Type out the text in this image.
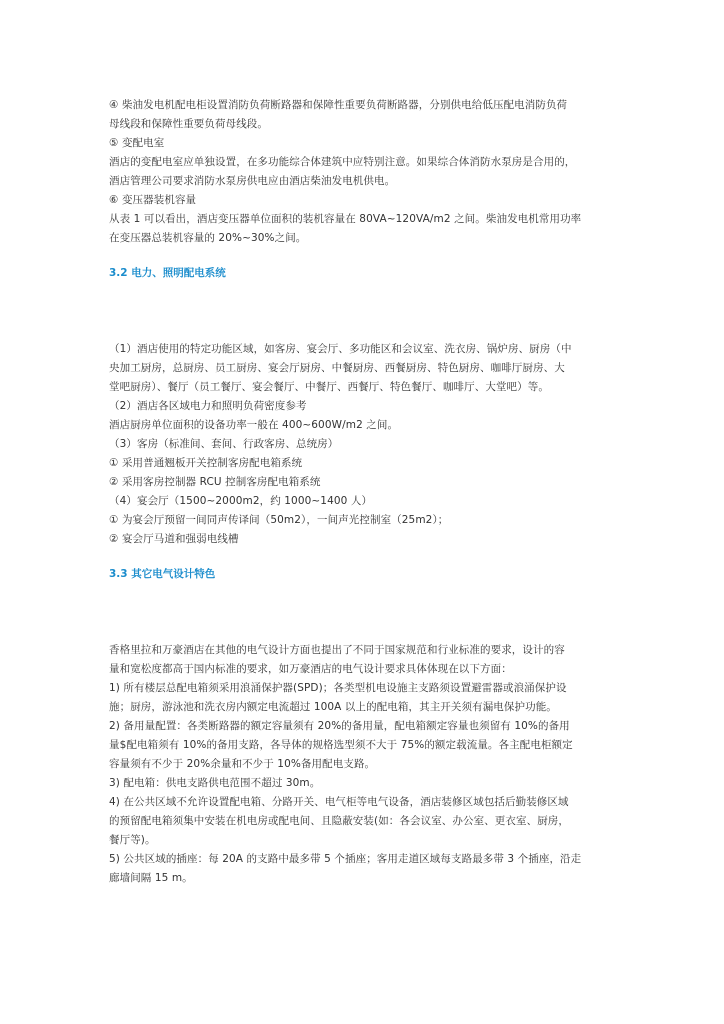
④ 柴油发电机配电柜设置消防负荷断路器和保障性重要负荷断路器，分别供电给低压配电消防负荷
母线段和保障性重要负荷母线段。
⑤ 变配电室
酒店的变配电室应单独设置，在多功能综合体建筑中应特别注意。如果综合体消防水泵房是合用的，
酒店管理公司要求消防水泵房供电应由酒店柴油发电机供电。
⑥ 变压器装机容量
从表 1 可以看出，酒店变压器单位面积的装机容量在 80VA~120VA/m2 之间。柴油发电机常用功率
在变压器总装机容量的 20%~30%之间。
3.2 电力、照明配电系统
（1）酒店使用的特定功能区域，如客房、宴会厅、多功能区和会议室、洗衣房、锅炉房、厨房（中
央加工厨房，总厨房、员工厨房、宴会厅厨房、中餐厨房、西餐厨房、特色厨房、咖啡厅厨房、大
堂吧厨房）、餐厅（员工餐厅、宴会餐厅、中餐厅、西餐厅、特色餐厅、咖啡厅、大堂吧）等。
（2）酒店各区域电力和照明负荷密度参考
酒店厨房单位面积的设备功率一般在 400~600W/m2 之间。
（3）客房（标准间、套间、行政客房、总统房）
① 采用普通翘板开关控制客房配电箱系统
② 采用客房控制器 RCU 控制客房配电箱系统
（4）宴会厅（1500~2000m2，约 1000~1400 人）
① 为宴会厅预留一间同声传译间（50m2），一间声光控制室（25m2）；
② 宴会厅马道和强弱电线槽
3.3 其它电气设计特色
香格里拉和万豪酒店在其他的电气设计方面也提出了不同于国家规范和行业标准的要求，设计的容
量和宽松度都高于国内标准的要求，如万豪酒店的电气设计要求具体体现在以下方面：
1) 所有楼层总配电箱须采用浪涌保护器(SPD)；各类型机电设施主支路须设置避雷器或浪涌保护设
施；厨房，游泳池和洗衣房内额定电流超过 100A 以上的配电箱，其主开关须有漏电保护功能。
2) 备用量配置：各类断路器的额定容量须有 20%的备用量，配电箱额定容量也须留有 10%的备用
量$配电箱须有 10%的备用支路，各导体的规格选型须不大于 75%的额定载流量。各主配电柜额定
容量须有不少于 20%余量和不少于 10%备用配电支路。
3) 配电箱：供电支路供电范围不超过 30m。
4) 在公共区域不允许设置配电箱、分路开关、电气柜等电气设备，酒店装修区域包括后勤装修区域
的预留配电箱须集中安装在机电房或配电间、且隐蔽安装(如：各会议室、办公室、更衣室、厨房，
餐厅等)。
5) 公共区域的插座：每 20A 的支路中最多带 5 个插座；客用走道区域每支路最多带 3 个插座，沿走
廊墙间隔 15 m。
